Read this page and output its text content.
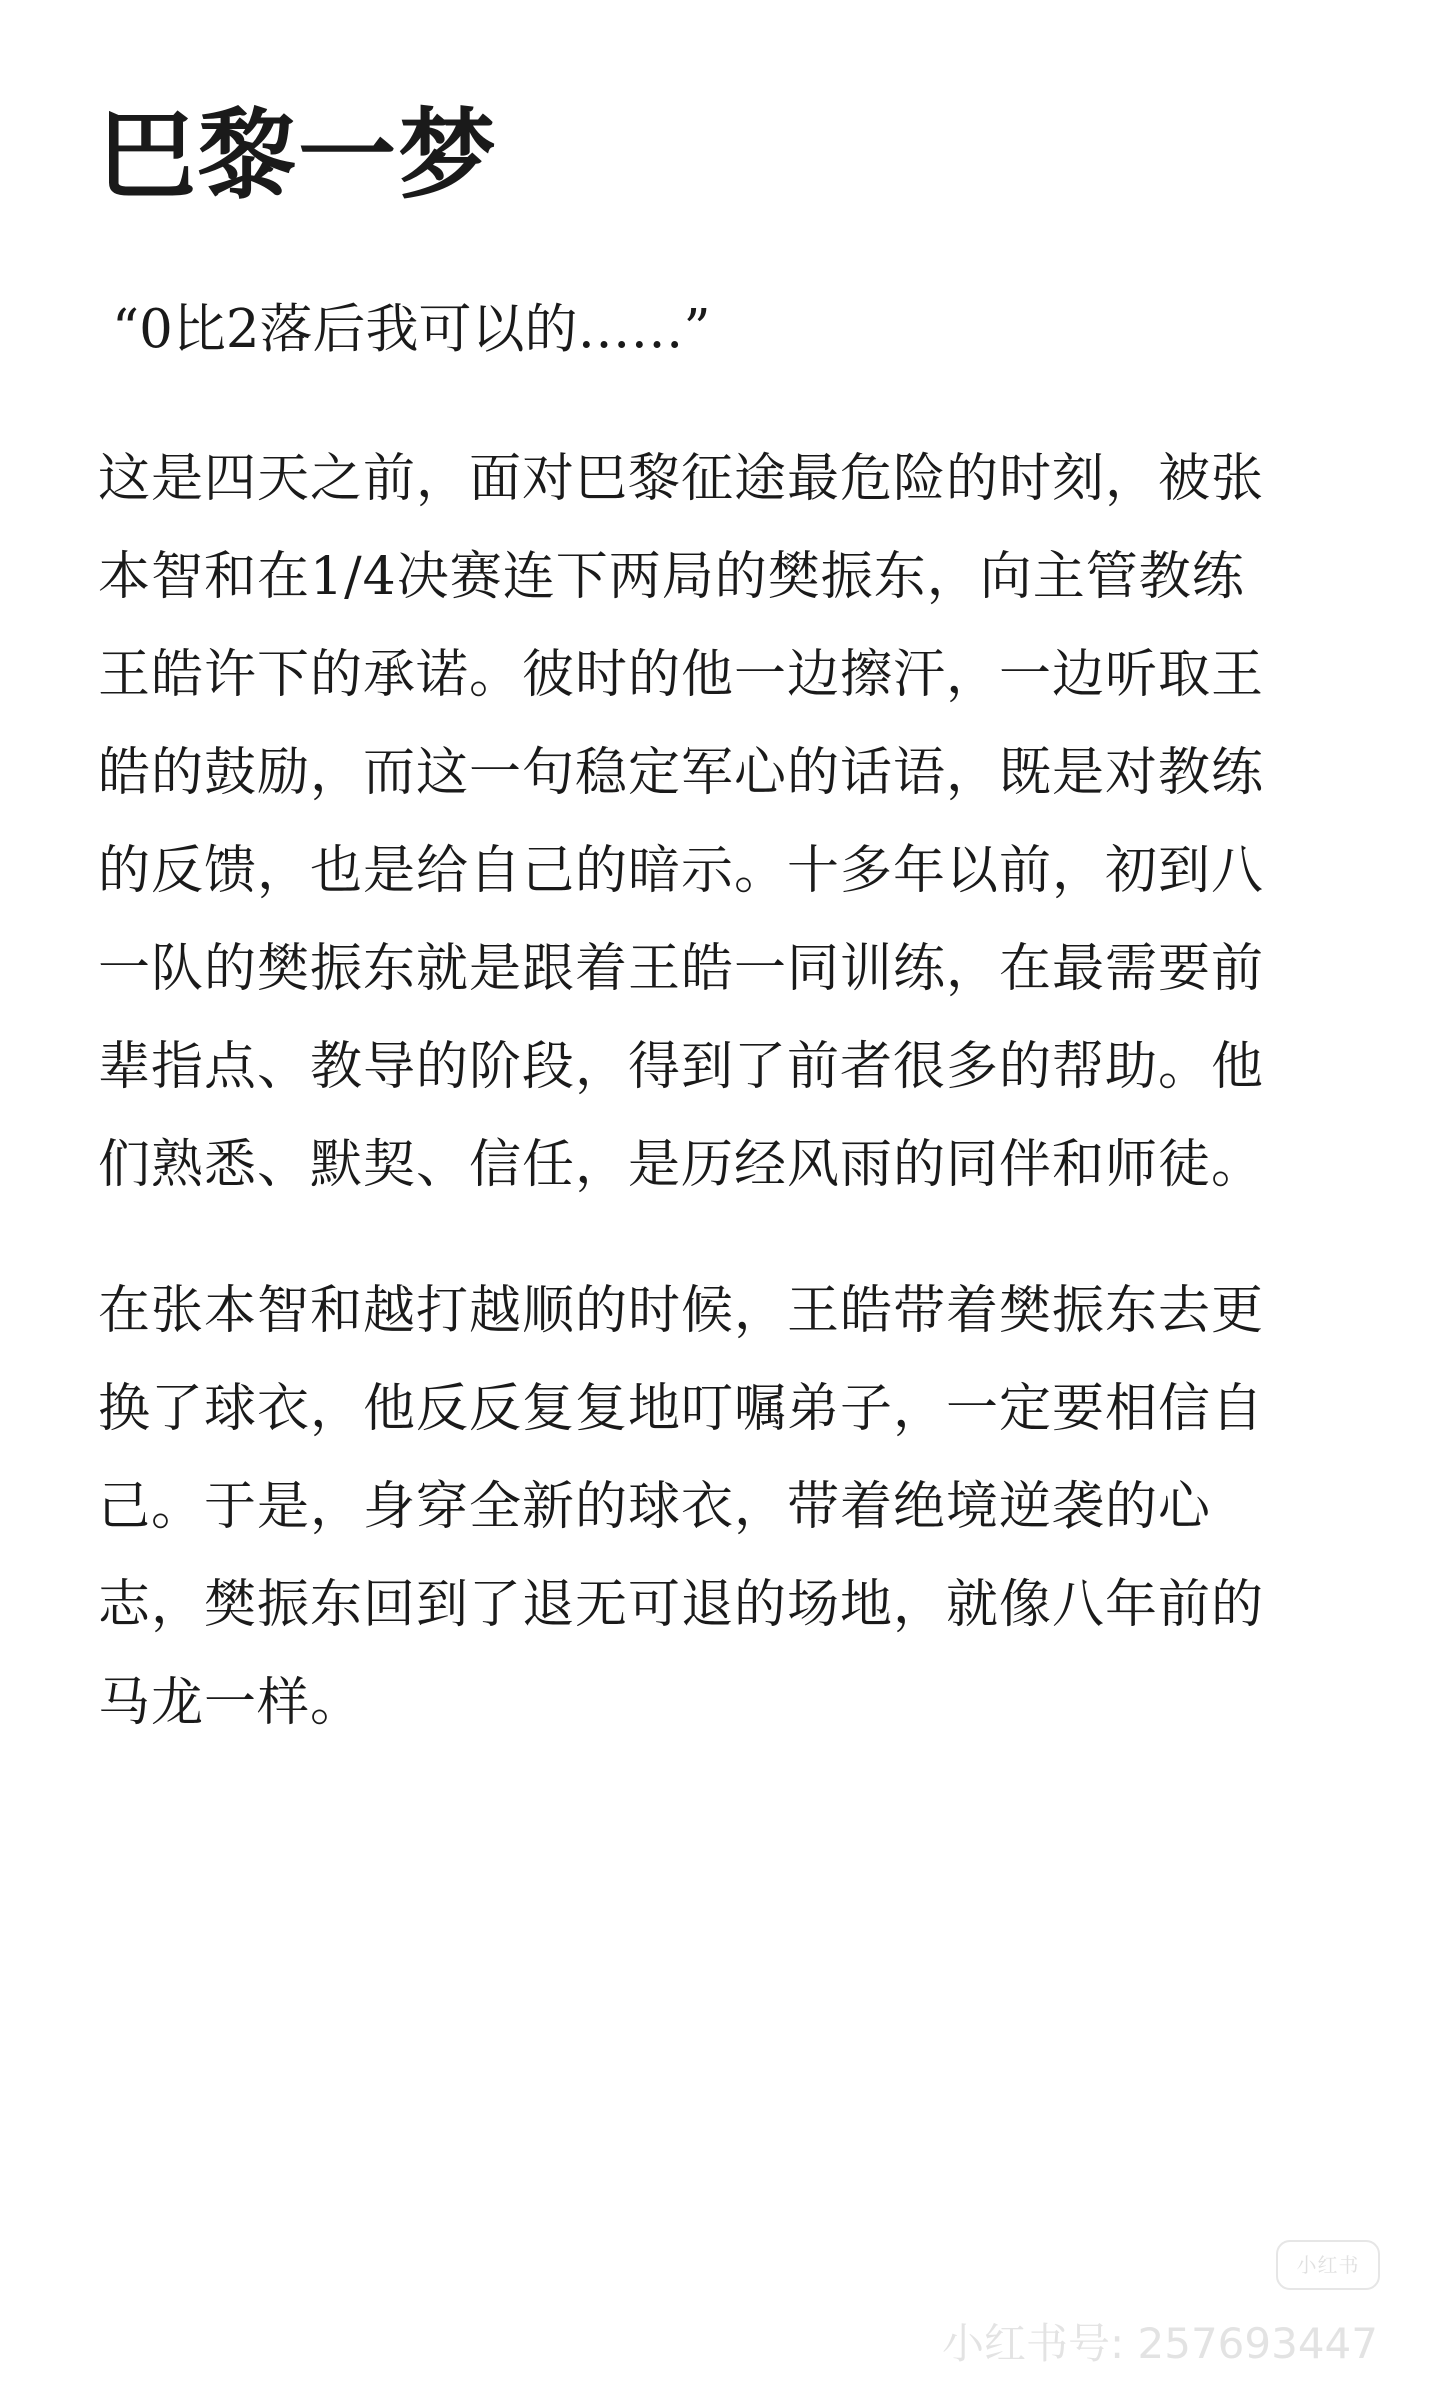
巴黎一梦

“0比2落后我可以的……”

这是四天之前，面对巴黎征途最危险的时刻，被张
本智和在1/4决赛连下两局的樊振东，向主管教练
王皓许下的承诺。彼时的他一边擦汗，一边听取王
皓的鼓励，而这一句稳定军心的话语，既是对教练
的反馈，也是给自己的暗示。十多年以前，初到八
一队的樊振东就是跟着王皓一同训练，在最需要前
辈指点、教导的阶段，得到了前者很多的帮助。他
们熟悉、默契、信任，是历经风雨的同伴和师徒。
在张本智和越打越顺的时候，王皓带着樊振东去更
换了球衣，他反反复复地叮嘱弟子，一定要相信自
己。于是，身穿全新的球衣，带着绝境逆袭的心
志，樊振东回到了退无可退的场地，就像八年前的
马龙一样。
小红书
小红书号: 257693447
